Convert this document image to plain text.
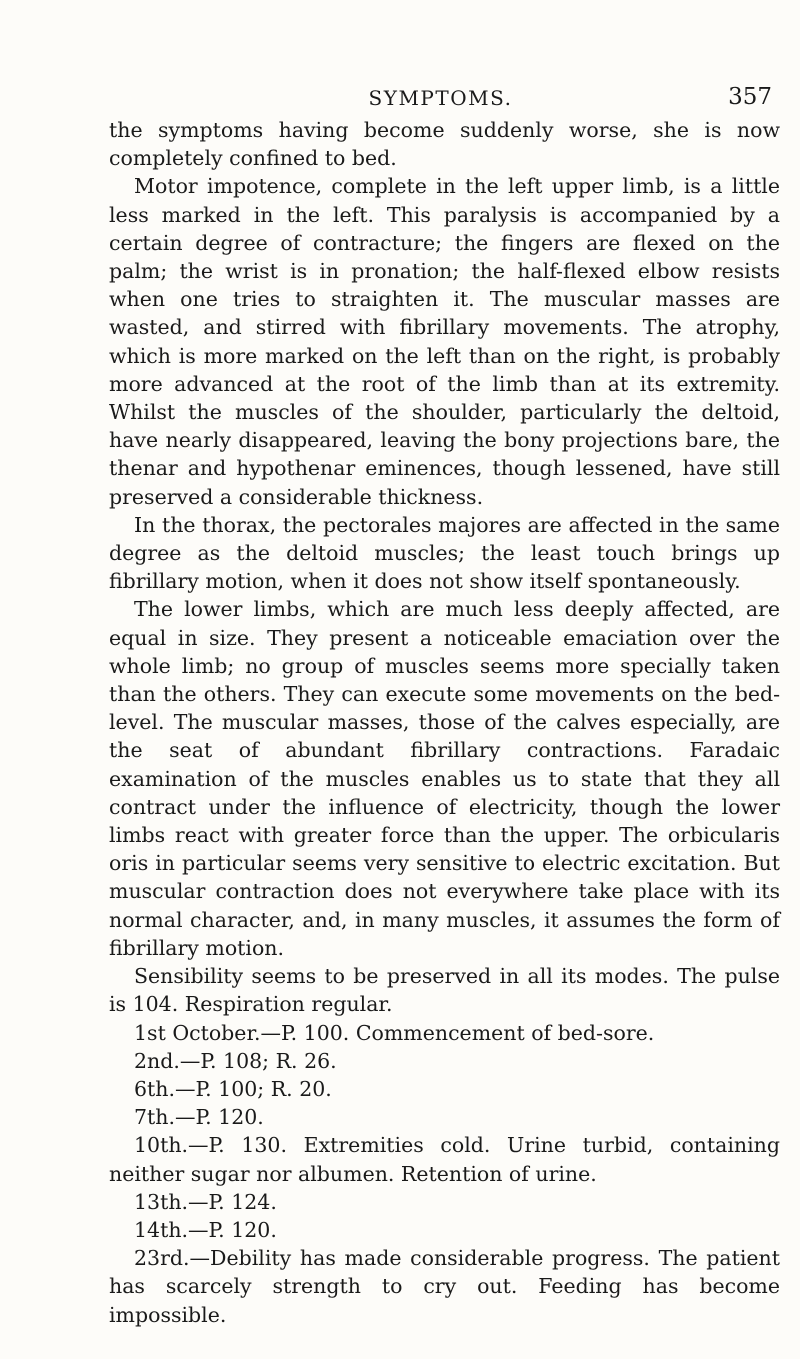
SYMPTOMS.	357

the symptoms having become suddenly worse, she is now completely confined to bed.

Motor impotence, complete in the left upper limb, is a little less marked in the left. This paralysis is accompanied by a certain degree of contracture; the fingers are flexed on the palm; the wrist is in pronation; the half-flexed elbow resists when one tries to straighten it. The muscular masses are wasted, and stirred with fibrillary movements. The atrophy, which is more marked on the left than on the right, is probably more advanced at the root of the limb than at its extremity. Whilst the muscles of the shoulder, particularly the deltoid, have nearly disappeared, leaving the bony projections bare, the thenar and hypothenar eminences, though lessened, have still preserved a considerable thickness.

In the thorax, the pectorales majores are affected in the same degree as the deltoid muscles; the least touch brings up fibrillary motion, when it does not show itself spontaneously.

The lower limbs, which are much less deeply affected, are equal in size. They present a noticeable emaciation over the whole limb; no group of muscles seems more specially taken than the others. They can execute some movements on the bed-level. The muscular masses, those of the calves especially, are the seat of abundant fibrillary contractions. Faradaic examination of the muscles enables us to state that they all contract under the influence of electricity, though the lower limbs react with greater force than the upper. The orbicularis oris in particular seems very sensitive to electric excitation. But muscular contraction does not everywhere take place with its normal character, and, in many muscles, it assumes the form of fibrillary motion.

Sensibility seems to be preserved in all its modes. The pulse is 104. Respiration regular.

1st October.—P. 100. Commencement of bed-sore.

2nd.—P. 108; R. 26.

6th.—P. 100; R. 20.

7th.—P. 120.

10th.—P. 130. Extremities cold. Urine turbid, containing neither sugar nor albumen. Retention of urine.

13th.—P. 124.

14th.—P. 120.

23rd.—Debility has made considerable progress. The patient has scarcely strength to cry out. Feeding has become impossible.
